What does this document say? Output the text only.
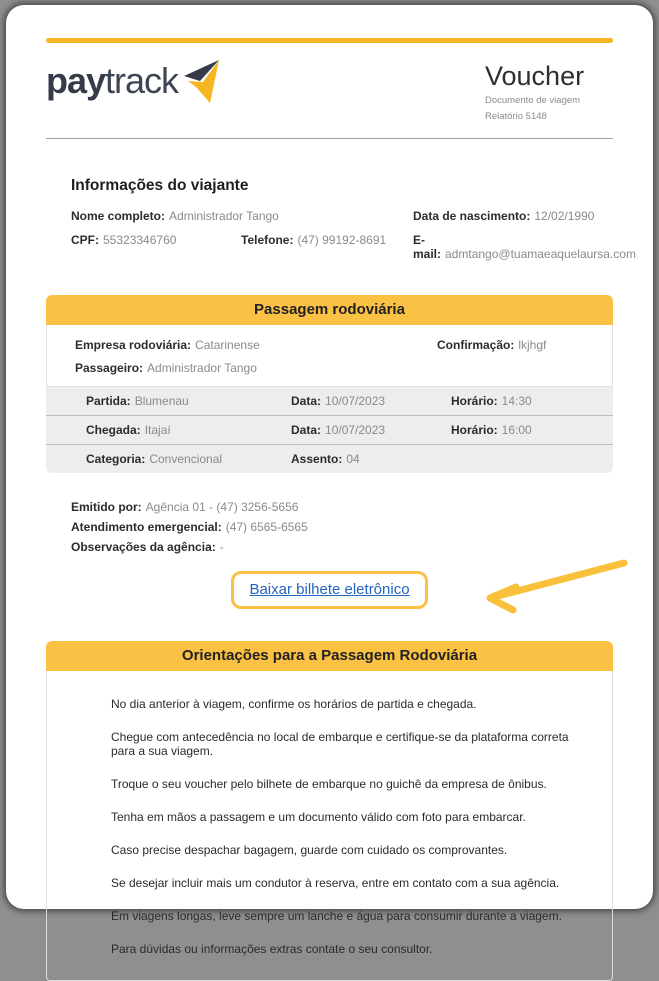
paytrack	Voucher
Documento de viagem
Relatório 5148
Informações do viajante
Nome completo: Administrador Tango	Data de nascimento: 12/02/1990
CPF: 55323346760	Telefone: (47) 99192-8691	E-mail: admtango@tuamaeaquelaursa.com
Passagem rodoviária
Empresa rodoviária: Catarinense	Confirmação: lkjhgf
Passageiro: Administrador Tango
Partida: Blumenau	Data: 10/07/2023	Horário: 14:30
Chegada: Itajaí	Data: 10/07/2023	Horário: 16:00
Categoria: Convencional	Assento: 04
Emitido por: Agência 01 - (47) 3256-5656
Atendimento emergencial: (47) 6565-6565
Observações da agência: -
Baixar bilhete eletrônico
Orientações para a Passagem Rodoviária

No dia anterior à viagem, confirme os horários de partida e chegada.

Chegue com antecedência no local de embarque e certifique-se da plataforma correta para a sua viagem.

Troque o seu voucher pelo bilhete de embarque no guichê da empresa de ônibus.

Tenha em mãos a passagem e um documento válido com foto para embarcar.

Caso precise despachar bagagem, guarde com cuidado os comprovantes.

Se desejar incluir mais um condutor à reserva, entre em contato com a sua agência.

Em viagens longas, leve sempre um lanche e água para consumir durante a viagem.

Para dúvidas ou informações extras contate o seu consultor.
